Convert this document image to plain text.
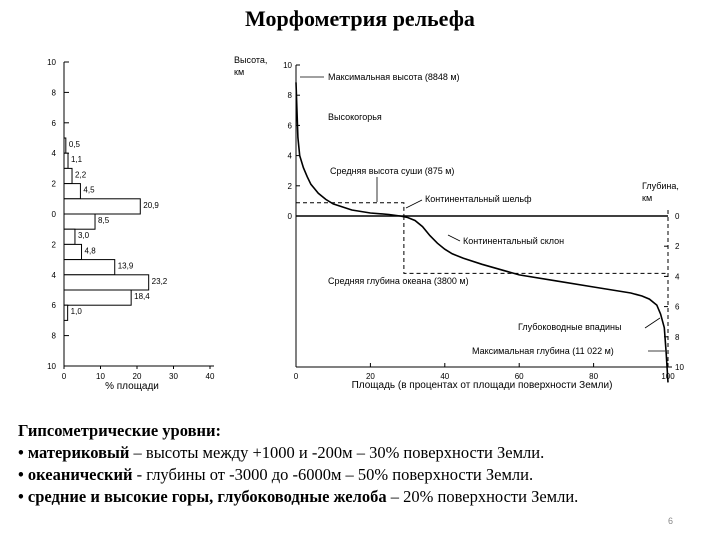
Морфометрия рельефа
10
8
6
4
2
0
2
4
6
8
10
0	10	20	30	40
% площади
0,5
1,1
2,2
4,5
20,9
8,5
3,0
4,8
13,9
23,2
18,4
1,0
10
8
6
4
2
0	0
2
4
6
8
10
0	20	40	60	80	100
Высота,
км
Глубина,
км
Площадь (в процентах от площади поверхности Земли)
Максимальная высота (8848 м)
Высокогорья
Средняя высота суши (875 м)
Континентальный шельф
Континентальный склон
Средняя глубина океана (3800 м)
Глубоководные впадины
Максимальная глубина (11 022 м)
Гипсометрические уровни:
• материковый – высоты между +1000 и -200м – 30% поверхности Земли.
• океанический - глубины от -3000 до -6000м – 50% поверхности Земли.
• средние и высокие горы, глубоководные желоба – 20% поверхности Земли.
6
